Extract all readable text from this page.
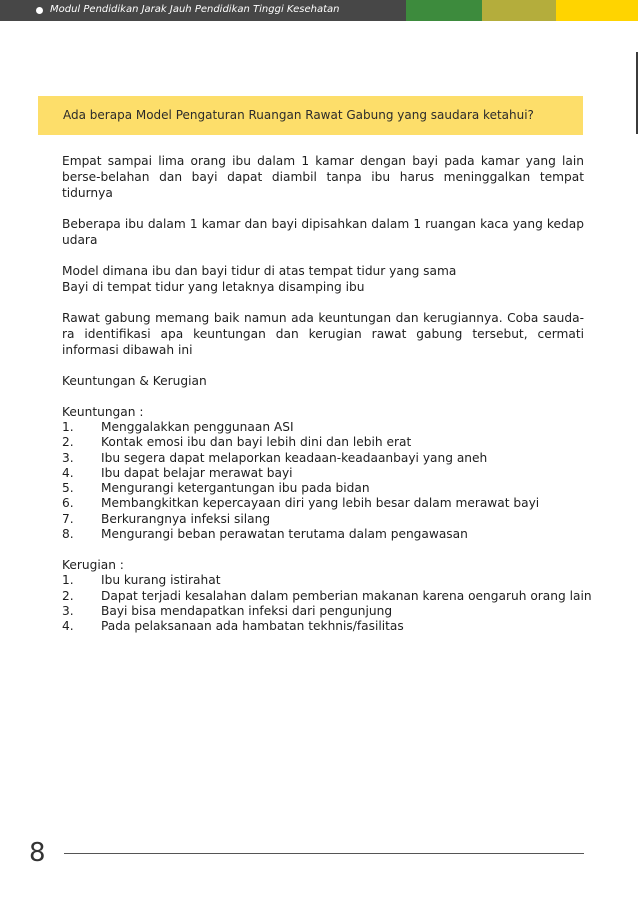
Modul Pendidikan Jarak Jauh Pendidikan Tinggi Kesehatan
Ada berapa Model Pengaturan Ruangan Rawat Gabung yang saudara ketahui?

Empat sampai lima orang ibu dalam 1 kamar dengan bayi pada kamar yang lain berse-belahan dan bayi dapat diambil tanpa ibu harus meninggalkan tempat tidurnya

Beberapa ibu dalam 1 kamar dan bayi dipisahkan dalam 1 ruangan kaca yang kedap udara

Model dimana ibu dan bayi tidur di atas tempat tidur yang sama

Bayi di tempat tidur yang letaknya disamping ibu

Rawat gabung memang baik namun ada keuntungan dan kerugiannya. Coba sauda-ra identifikasi apa keuntungan dan kerugian rawat gabung tersebut, cermati informasi dibawah ini

Keuntungan & Kerugian

Keuntungan :

1.	Menggalakkan penggunaan ASI
2.	Kontak emosi ibu dan bayi lebih dini dan lebih erat
3.	Ibu segera dapat melaporkan keadaan-keadaanbayi yang aneh
4.	Ibu dapat belajar merawat bayi
5.	Mengurangi ketergantungan ibu pada bidan
6.	Membangkitkan kepercayaan diri yang lebih besar dalam merawat bayi
7.	Berkurangnya infeksi silang
8.	Mengurangi beban perawatan terutama dalam pengawasan

Kerugian :

1.	Ibu kurang istirahat
2.	Dapat terjadi kesalahan dalam pemberian makanan karena oengaruh orang lain
3.	Bayi bisa mendapatkan infeksi dari pengunjung
4.	Pada pelaksanaan ada hambatan tekhnis/fasilitas
8
